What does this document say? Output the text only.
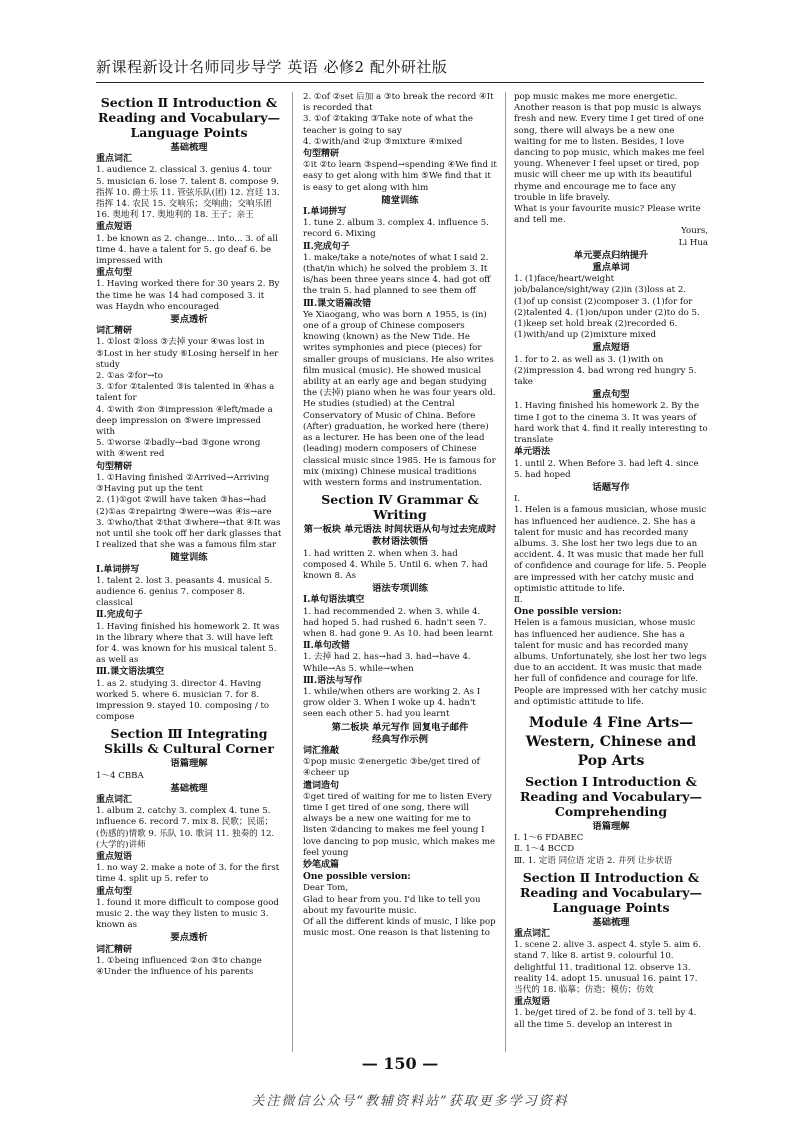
新课程新设计名师同步导学 英语 必修2 配外研社版
Section Ⅱ Introduction & Reading and Vocabulary—Language Points
基础梳理
重点词汇
1. audience 2. classical 3. genius 4. tour 5. musician 6. lose 7. talent 8. compose 9. 指挥 10. 爵士乐 11. 管弦乐队(团) 12. 宫廷 13. 指挥 14. 农民 15. 交响乐；交响曲；交响乐团 16. 奥地利 17. 奥地利的 18. 王子；亲王
重点短语
1. be known as 2. change... into... 3. of all time 4. have a talent for 5. go deaf 6. be impressed with
重点句型
1. Having worked there for 30 years 2. By the time he was 14 had composed 3. it was Haydn who encouraged
要点透析
词汇精研
1. ①lost ②loss ③去掉 your ④was lost in ⑤Lost in her study ⑥Losing herself in her study
2. ①as ②for→to
3. ①for ②talented ③is talented in ④has a talent for
4. ①with ②on ③impression ④left/made a deep impression on ⑤were impressed with
5. ①worse ②badly→bad ③gone wrong with ④went red
句型精研
1. ①Having finished ②Arrived→Arriving ③Having put up the tent
2. (1)①got ②will have taken ③has→had (2)①as ②repairing ③were→was ④is→are
3. ①who/that ②that ③where→that ④It was not until she took off her dark glasses that I realized that she was a famous film star
随堂训练
Ⅰ.单词拼写
1. talent 2. lost 3. peasants 4. musical 5. audience 6. genius 7. composer 8. classical
Ⅱ.完成句子
1. Having finished his homework 2. It was in the library where that 3. will have left for 4. was known for his musical talent 5. as well as
Ⅲ.课文语法填空
1. as 2. studying 3. director 4. Having worked 5. where 6. musician 7. for 8. impression 9. stayed 10. composing / to compose
Section Ⅲ Integrating Skills & Cultural Corner
语篇理解
1～4 CBBA
基础梳理
重点词汇
1. album 2. catchy 3. complex 4. tune 5. influence 6. record 7. mix 8. 民歌；民谣；(伤感的)情歌 9. 乐队 10. 歌词 11. 独奏的 12. (大学的)讲师
重点短语
1. no way 2. make a note of 3. for the first time 4. split up 5. refer to
重点句型
1. found it more difficult to compose good music 2. the way they listen to music 3. known as
要点透析
词汇精研
1. ①being influenced ②on ③to change ④Under the influence of his parents
2. ①of ②set 后加 a ③to break the record ④It is recorded that
3. ①of ②taking ③Take note of what the teacher is going to say
4. ①with/and ②up ③mixture ④mixed
句型精研
①it ②to learn ③spend→spending ④We find it easy to get along with him ⑤We find that it is easy to get along with him
随堂训练
Ⅰ.单词拼写
1. tune 2. album 3. complex 4. influence 5. record 6. Mixing
Ⅱ.完成句子
1. make/take a note/notes of what I said 2. (that/in which) he solved the problem 3. It is/has been three years since 4. had got off the train 5. had planned to see them off
Ⅲ.课文语篇改错
Ye Xiaogang, who was born ∧ 1955, is (in) one of a group of Chinese composers knowing (known) as the New Tide. He writes symphonies and piece (pieces) for smaller groups of musicians. He also writes film musical (music). He showed musical ability at an early age and began studying the (去掉) piano when he was four years old. He studies (studied) at the Central Conservatory of Music of China. Before (After) graduation, he worked here (there) as a lecturer. He has been one of the lead (leading) modern composers of Chinese classical music since 1985. He is famous for mix (mixing) Chinese musical traditions with western forms and instrumentation.
Section Ⅳ Grammar & Writing
第一板块 单元语法 时间状语从句与过去完成时
教材语法领悟
1. had written 2. when when 3. had composed 4. While 5. Until 6. when 7. had known 8. As
语法专项训练
Ⅰ.单句语法填空
1. had recommended 2. when 3. while 4. had hoped 5. had rushed 6. hadn't seen 7. when 8. had gone 9. As 10. had been learnt
Ⅱ.单句改错
1. 去掉 had 2. has→had 3. had→have 4. While→As 5. while→when
Ⅲ.语法与写作
1. while/when others are working 2. As I grow older 3. When I woke up 4. hadn't seen each other 5. had you learnt
第二板块 单元写作 回复电子邮件
经典写作示例
词汇推敲
①pop music ②energetic ③be/get tired of ④cheer up
遣词造句
①get tired of waiting for me to listen Every time I get tired of one song, there will always be a new one waiting for me to listen ②dancing to makes me feel young I love dancing to pop music, which makes me feel young
妙笔成篇
One possible version:
Dear Tom,
Glad to hear from you. I'd like to tell you about my favourite music.
Of all the different kinds of music, I like pop music most. One reason is that listening to
pop music makes me more energetic. Another reason is that pop music is always fresh and new. Every time I get tired of one song, there will always be a new one waiting for me to listen. Besides, I love dancing to pop music, which makes me feel young. Whenever I feel upset or tired, pop music will cheer me up with its beautiful rhyme and encourage me to face any trouble in life bravely.
What is your favourite music? Please write and tell me.
Yours,
Li Hua
单元要点归纳提升
重点单词
1. (1)face/heart/weight job/balance/sight/way (2)in (3)loss at 2. (1)of up consist (2)composer 3. (1)for for (2)talented 4. (1)on/upon under (2)to do 5. (1)keep set hold break (2)recorded 6. (1)with/and up (2)mixture mixed
重点短语
1. for to 2. as well as 3. (1)with on (2)impression 4. bad wrong red hungry 5. take
重点句型
1. Having finished his homework 2. By the time I got to the cinema 3. It was years of hard work that 4. find it really interesting to translate
单元语法
1. until 2. When Before 3. had left 4. since 5. had hoped
话题写作
Ⅰ.
1. Helen is a famous musician, whose music has influenced her audience. 2. She has a talent for music and has recorded many albums. 3. She lost her two legs due to an accident. 4. It was music that made her full of confidence and courage for life. 5. People are impressed with her catchy music and optimistic attitude to life.
Ⅱ.
One possible version:
Helen is a famous musician, whose music has influenced her audience. She has a talent for music and has recorded many albums. Unfortunately, she lost her two legs due to an accident. It was music that made her full of confidence and courage for life. People are impressed with her catchy music and optimistic attitude to life.
Module 4 Fine Arts—Western, Chinese and Pop Arts
Section Ⅰ Introduction & Reading and Vocabulary—Comprehending
语篇理解
Ⅰ. 1～6 FDABEC
Ⅱ. 1～4 BCCD
Ⅲ. 1. 定语 同位语 定语 2. 并列 让步状语
Section Ⅱ Introduction & Reading and Vocabulary—Language Points
基础梳理
重点词汇
1. scene 2. alive 3. aspect 4. style 5. aim 6. stand 7. like 8. artist 9. colourful 10. delightful 11. traditional 12. observe 13. reality 14. adopt 15. unusual 16. paint 17. 当代的 18. 临摹；仿造；模仿；仿效
重点短语
1. be/get tired of 2. be fond of 3. tell by 4. all the time 5. develop an interest in
— 150 —
关注微信公众号“教辅资料站”获取更多学习资料
